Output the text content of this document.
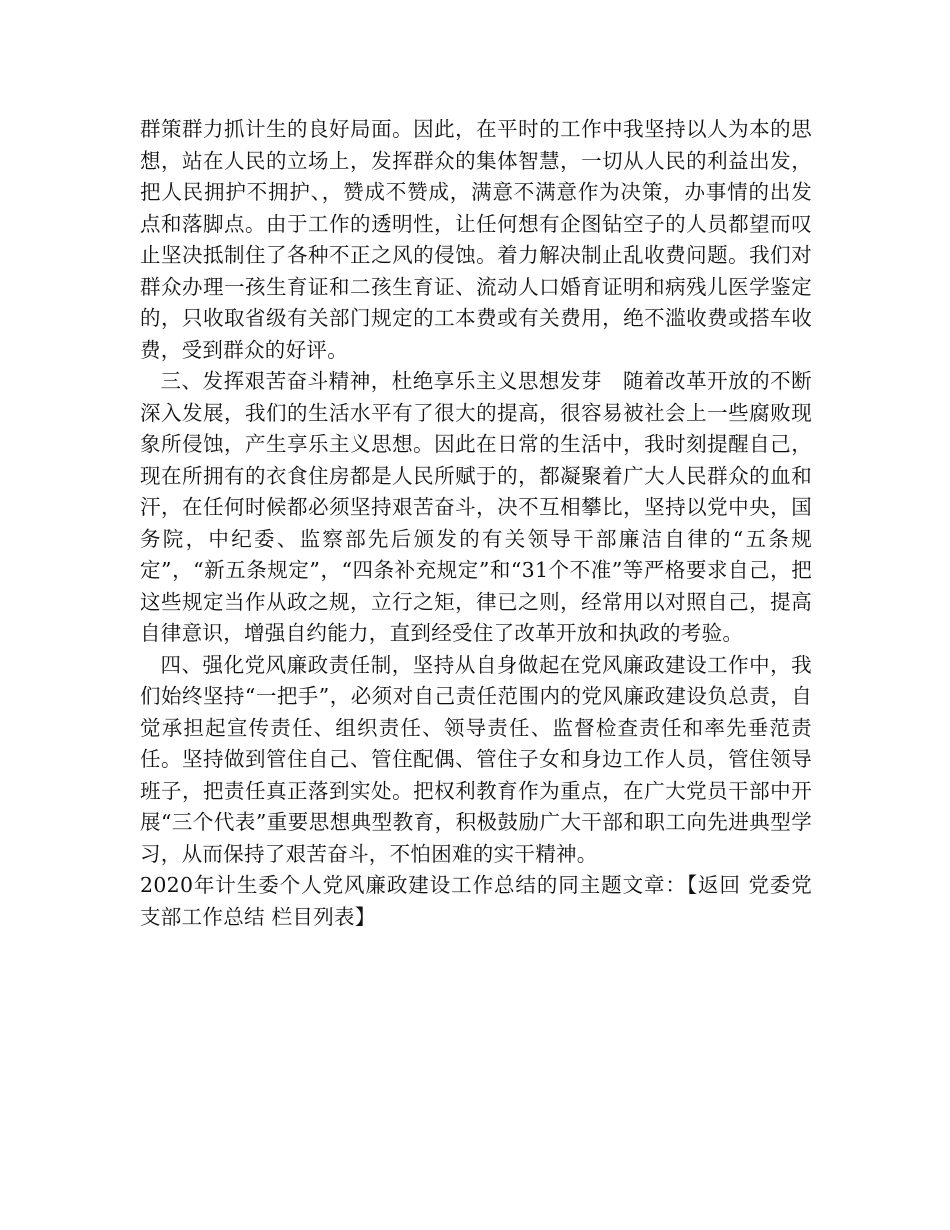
群策群力抓计生的良好局面。因此，在平时的工作中我坚持以人为本的思想，站在人民的立场上，发挥群众的集体智慧，一切从人民的利益出发，把人民拥护不拥护、，赞成不赞成，满意不满意作为决策，办事情的出发点和落脚点。由于工作的透明性，让任何想有企图钻空子的人员都望而叹止坚决抵制住了各种不正之风的侵蚀。着力解决制止乱收费问题。我们对群众办理一孩生育证和二孩生育证、流动人口婚育证明和病残儿医学鉴定的，只收取省级有关部门规定的工本费或有关费用，绝不滥收费或搭车收费，受到群众的好评。

三、发挥艰苦奋斗精神，杜绝享乐主义思想发芽　随着改革开放的不断深入发展，我们的生活水平有了很大的提高，很容易被社会上一些腐败现象所侵蚀，产生享乐主义思想。因此在日常的生活中，我时刻提醒自己，现在所拥有的衣食住房都是人民所赋于的，都凝聚着广大人民群众的血和汗，在任何时候都必须坚持艰苦奋斗，决不互相攀比，坚持以党中央，国务院，中纪委、监察部先后颁发的有关领导干部廉洁自律的“五条规定”，“新五条规定”，“四条补充规定”和“31个不准”等严格要求自己，把这些规定当作从政之规，立行之矩，律已之则，经常用以对照自己，提高自律意识，增强自约能力，直到经受住了改革开放和执政的考验。

四、强化党风廉政责任制，坚持从自身做起在党风廉政建设工作中，我们始终坚持“一把手”，必须对自己责任范围内的党风廉政建设负总责，自觉承担起宣传责任、组织责任、领导责任、监督检查责任和率先垂范责任。坚持做到管住自己、管住配偶、管住子女和身边工作人员，管住领导班子，把责任真正落到实处。把权利教育作为重点，在广大党员干部中开展“三个代表”重要思想典型教育，积极鼓励广大干部和职工向先进典型学习，从而保持了艰苦奋斗，不怕困难的实干精神。

2020年计生委个人党风廉政建设工作总结的同主题文章：【返回 党委党支部工作总结 栏目列表】
